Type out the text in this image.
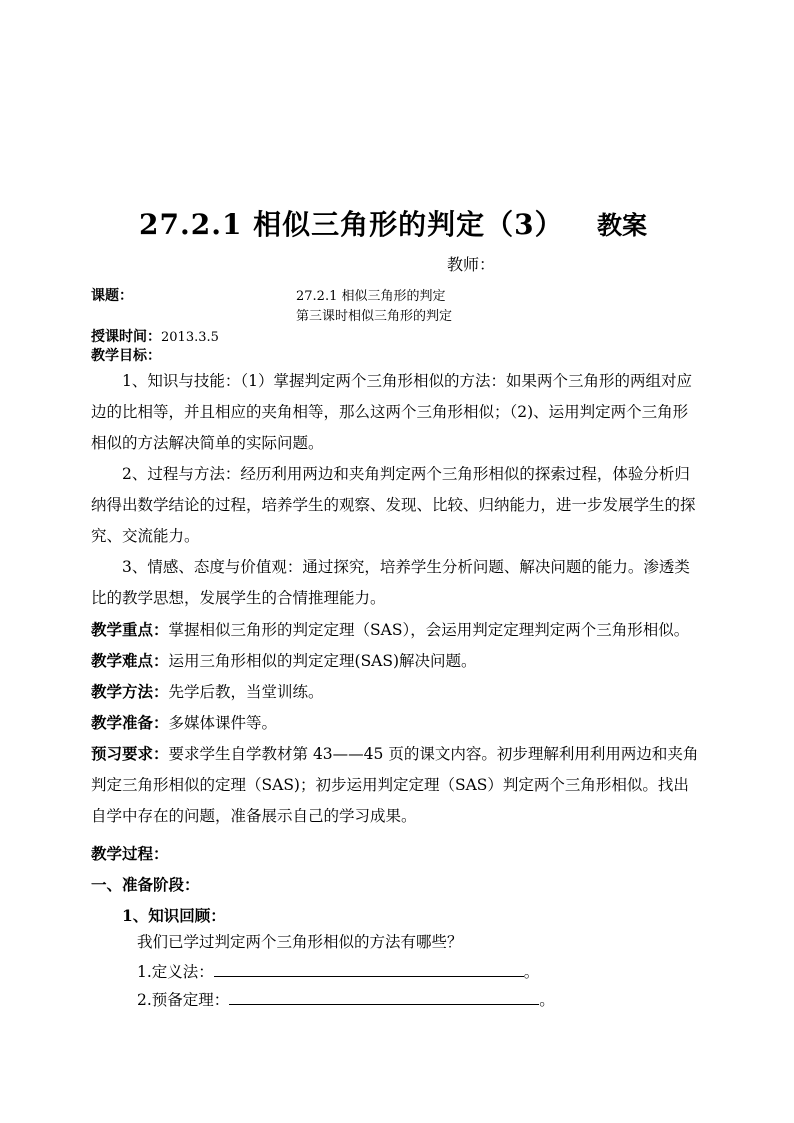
27.2.1 相似三角形的判定（3） 教案
教师：
课题：	27.2.1 相似三角形的判定
第三课时相似三角形的判定
授课时间：2013.3.5
教学目标：
1、知识与技能：（1）掌握判定两个三角形相似的方法：如果两个三角形的两组对应边的比相等，并且相应的夹角相等，那么这两个三角形相似；（2)、运用判定两个三角形相似的方法解决简单的实际问题。
2、过程与方法：经历利用两边和夹角判定两个三角形相似的探索过程，体验分析归纳得出数学结论的过程，培养学生的观察、发现、比较、归纳能力，进一步发展学生的探究、交流能力。
3、情感、态度与价值观：通过探究，培养学生分析问题、解决问题的能力。渗透类比的教学思想，发展学生的合情推理能力。
教学重点：掌握相似三角形的判定定理（SAS），会运用判定定理判定两个三角形相似。
教学难点：运用三角形相似的判定定理(SAS)解决问题。
教学方法：先学后教，当堂训练。
教学准备：多媒体课件等。
预习要求：要求学生自学教材第 43——45 页的课文内容。初步理解利用利用两边和夹角判定三角形相似的定理（SAS)；初步运用判定定理（SAS）判定两个三角形相似。找出自学中存在的问题，准备展示自己的学习成果。
教学过程：
一、准备阶段：
1、知识回顾：
我们已学过判定两个三角形相似的方法有哪些？
1.定义法：	。
2.预备定理：	。
